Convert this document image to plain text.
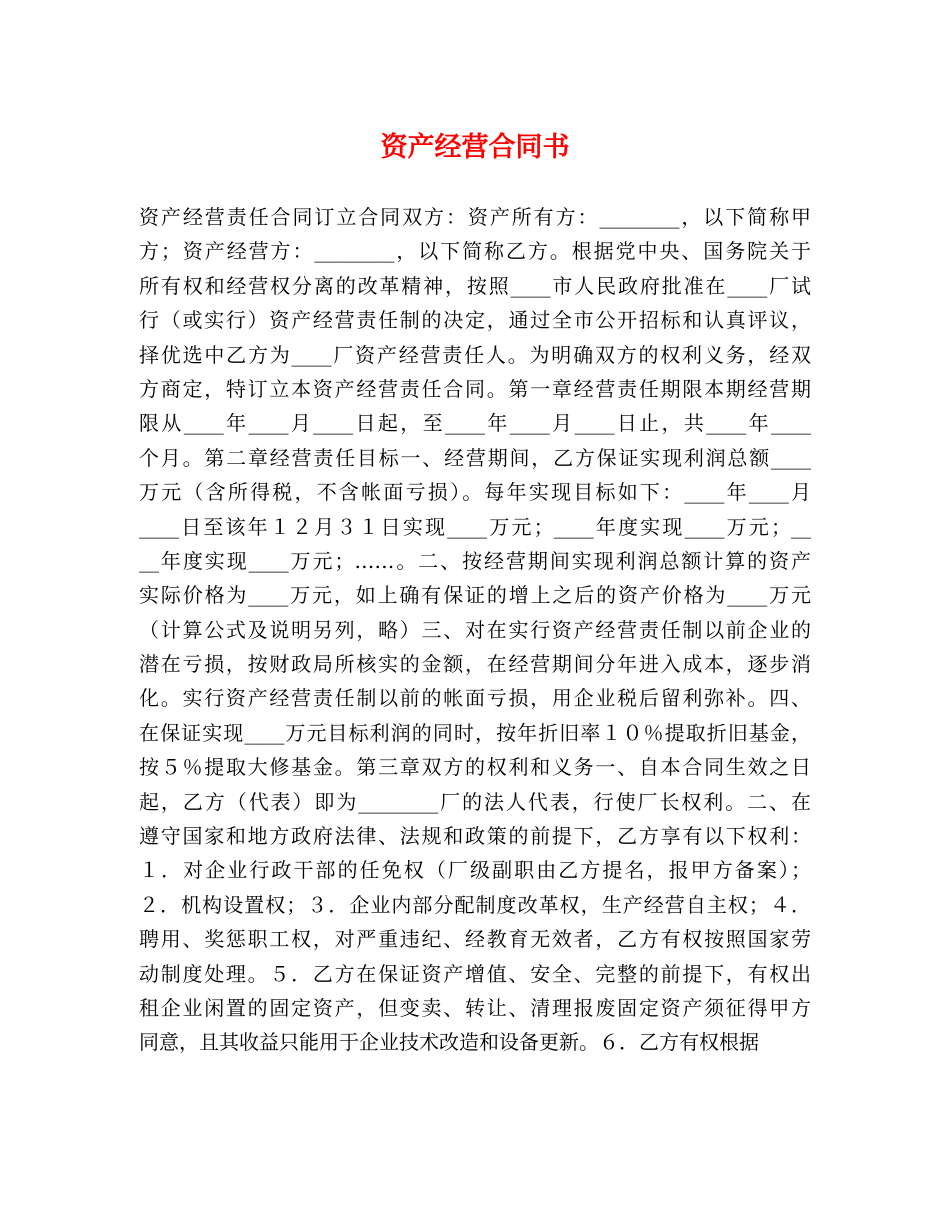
资产经营合同书
资产经营责任合同订立合同双方：资产所有方：________，以下简称甲
方；资产经营方：________，以下简称乙方。根据党中央、国务院关于
所有权和经营权分离的改革精神，按照____市人民政府批准在____厂试
行（或实行）资产经营责任制的决定，通过全市公开招标和认真评议，
择优选中乙方为____厂资产经营责任人。为明确双方的权利义务，经双
方商定，特订立本资产经营责任合同。第一章经营责任期限本期经营期
限从____年____月____日起，至____年____月____日止，共____年____
个月。第二章经营责任目标一、经营期间，乙方保证实现利润总额____
万元（含所得税，不含帐面亏损）。每年实现目标如下：____年____月
____日至该年１２月３１日实现____万元；____年度实现____万元；__
__年度实现____万元；……。二、按经营期间实现利润总额计算的资产
实际价格为____万元，如上确有保证的增上之后的资产价格为____万元
（计算公式及说明另列，略）三、对在实行资产经营责任制以前企业的
潜在亏损，按财政局所核实的金额，在经营期间分年进入成本，逐步消
化。实行资产经营责任制以前的帐面亏损，用企业税后留利弥补。四、
在保证实现____万元目标利润的同时，按年折旧率１０％提取折旧基金，
按５％提取大修基金。第三章双方的权利和义务一、自本合同生效之日
起，乙方（代表）即为________厂的法人代表，行使厂长权利。二、在
遵守国家和地方政府法律、法规和政策的前提下，乙方享有以下权利：
１．对企业行政干部的任免权（厂级副职由乙方提名，报甲方备案）；
２．机构设置权；３．企业内部分配制度改革权，生产经营自主权；４．
聘用、奖惩职工权，对严重违纪、经教育无效者，乙方有权按照国家劳
动制度处理。５．乙方在保证资产增值、安全、完整的前提下，有权出
租企业闲置的固定资产，但变卖、转让、清理报废固定资产须征得甲方
同意，且其收益只能用于企业技术改造和设备更新。６．乙方有权根据
